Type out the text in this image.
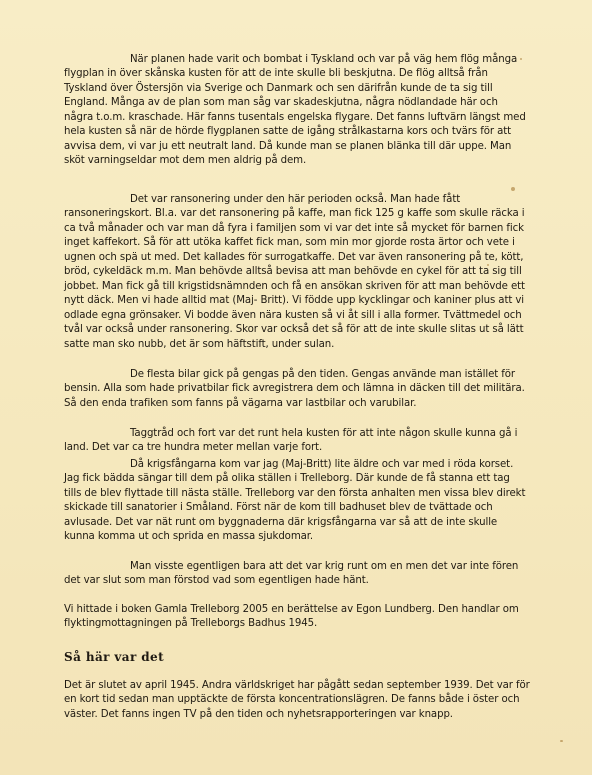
När planen hade varit och bombat i Tyskland och var på väg hem flög många flygplan in över skånska kusten för att de inte skulle bli beskjutna. De flög alltså från Tyskland över Östersjön via Sverige och Danmark och sen därifrån kunde de ta sig till England. Många av de plan som man såg var skadeskjutna, några nödlandade här och några t.o.m. kraschade. Här fanns tusentals engelska flygare. Det fanns luftvärn längst med hela kusten så när de hörde flygplanen satte de igång strålkastarna kors och tvärs för att avvisa dem, vi var ju ett neutralt land. Då kunde man se planen blänka till där uppe. Man sköt varningseldar mot dem men aldrig på dem.

Det var ransonering under den här perioden också. Man hade fått ransoneringskort. Bl.a. var det ransonering på kaffe, man fick 125 g kaffe som skulle räcka i ca två månader och var man då fyra i familjen som vi var det inte så mycket för barnen fick inget kaffekort. Så för att utöka kaffet fick man, som min mor gjorde rosta ärtor och vete i ugnen och spä ut med. Det kallades för surrogatkaffe. Det var även ransonering på te, kött, bröd, cykeldäck m.m. Man behövde alltså bevisa att man behövde en cykel för att ta sig till jobbet. Man fick gå till krigstidsnämnden och få en ansökan skriven för att man behövde ett nytt däck. Men vi hade alltid mat (Maj- Britt). Vi födde upp kycklingar och kaniner plus att vi odlade egna grönsaker. Vi bodde även nära kusten så vi åt sill i alla former. Tvättmedel och tvål var också under ransonering. Skor var också det så för att de inte skulle slitas ut så lätt satte man sko nubb, det är som häftstift, under sulan.

De flesta bilar gick på gengas på den tiden. Gengas använde man istället för bensin. Alla som hade privatbilar fick avregistrera dem och lämna in däcken till det militära. Så den enda trafiken som fanns på vägarna var lastbilar och varubilar.

Taggtråd och fort var det runt hela kusten för att inte någon skulle kunna gå i land. Det var ca tre hundra meter mellan varje fort.

Då krigsfångarna kom var jag (Maj-Britt) lite äldre och var med i röda korset. Jag fick bädda sängar till dem på olika ställen i Trelleborg. Där kunde de få stanna ett tag tills de blev flyttade till nästa ställe. Trelleborg var den första anhalten men vissa blev direkt skickade till sanatorier i Småland. Först när de kom till badhuset blev de tvättade och avlusade. Det var nät runt om byggnaderna där krigsfångarna var så att de inte skulle kunna komma ut och sprida en massa sjukdomar.

Man visste egentligen bara att det var krig runt om en men det var inte fören det var slut som man förstod vad som egentligen hade hänt.

Vi hittade i boken Gamla Trelleborg 2005 en berättelse av Egon Lundberg. Den handlar om flyktingmottagningen på Trelleborgs Badhus 1945.

Så här var det

Det är slutet av april 1945. Andra världskriget har pågått sedan september 1939. Det var för en kort tid sedan man upptäckte de första koncentrationslägren. De fanns både i öster och väster. Det fanns ingen TV på den tiden och nyhetsrapporteringen var knapp.
